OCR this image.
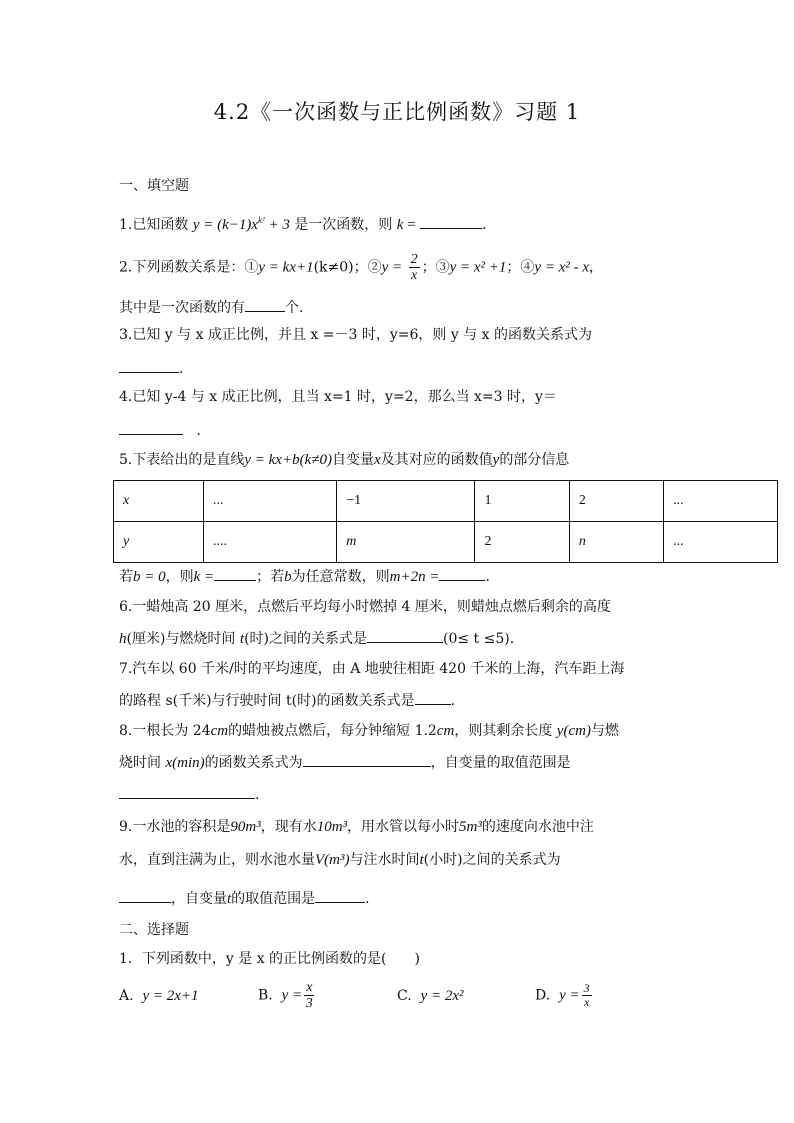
4.2《一次函数与正比例函数》习题 1
一、填空题
1.已知函数 $y = (k-1)x^{k^2} + 3$ 是一次函数，则 k =	.
2.下列函数关系是：①y = kx+1(k≠0)；②y = $\frac{2}{x}$ ；③y = x² +1；④y = x² - x，
其中是一次函数的有	个.
3.已知 y 与 x 成正比例，并且 x =－3 时，y=6，则 y 与 x 的函数关系式为
.
4.已知 y-4 与 x 成正比例，且当 x=1 时，y=2，那么当 x=3 时，y＝
.
5.下表给出的是直线y = kx+b(k≠0)自变量x及其对应的函数值y的部分信息
x	...	−1	1	2	...
y	....	m	2	n	...
若b = 0，则k =	；若b为任意常数，则m+2n =	.
6.一蜡烛高 20 厘米，点燃后平均每小时燃掉 4 厘米，则蜡烛点燃后剩余的高度
h(厘米)与燃烧时间 t(时)之间的关系式是	(0≤ t ≤5).
7.汽车以 60 千米/时的平均速度，由 A 地驶往相距 420 千米的上海，汽车距上海
的路程 s(千米)与行驶时间 t(时)的函数关系式是	.
8.一根长为 24cm的蜡烛被点燃后，每分钟缩短 1.2cm，则其剩余长度 y(cm)与燃
烧时间 x(min)的函数关系式为	，自变量的取值范围是
.
9.一水池的容积是90m³，现有水10m³，用水管以每小时5m³的速度向水池中注
水，直到注满为止，则水池水量V(m³)与注水时间t(小时)之间的关系式为
，自变量t的取值范围是	.
二、选择题
1．下列函数中，y 是 x 的正比例函数的是(　　)
A. y = 2x+1	B. $y = \frac{x}{3}$	C. y = 2x²	D. $y = \frac{3}{x}$
